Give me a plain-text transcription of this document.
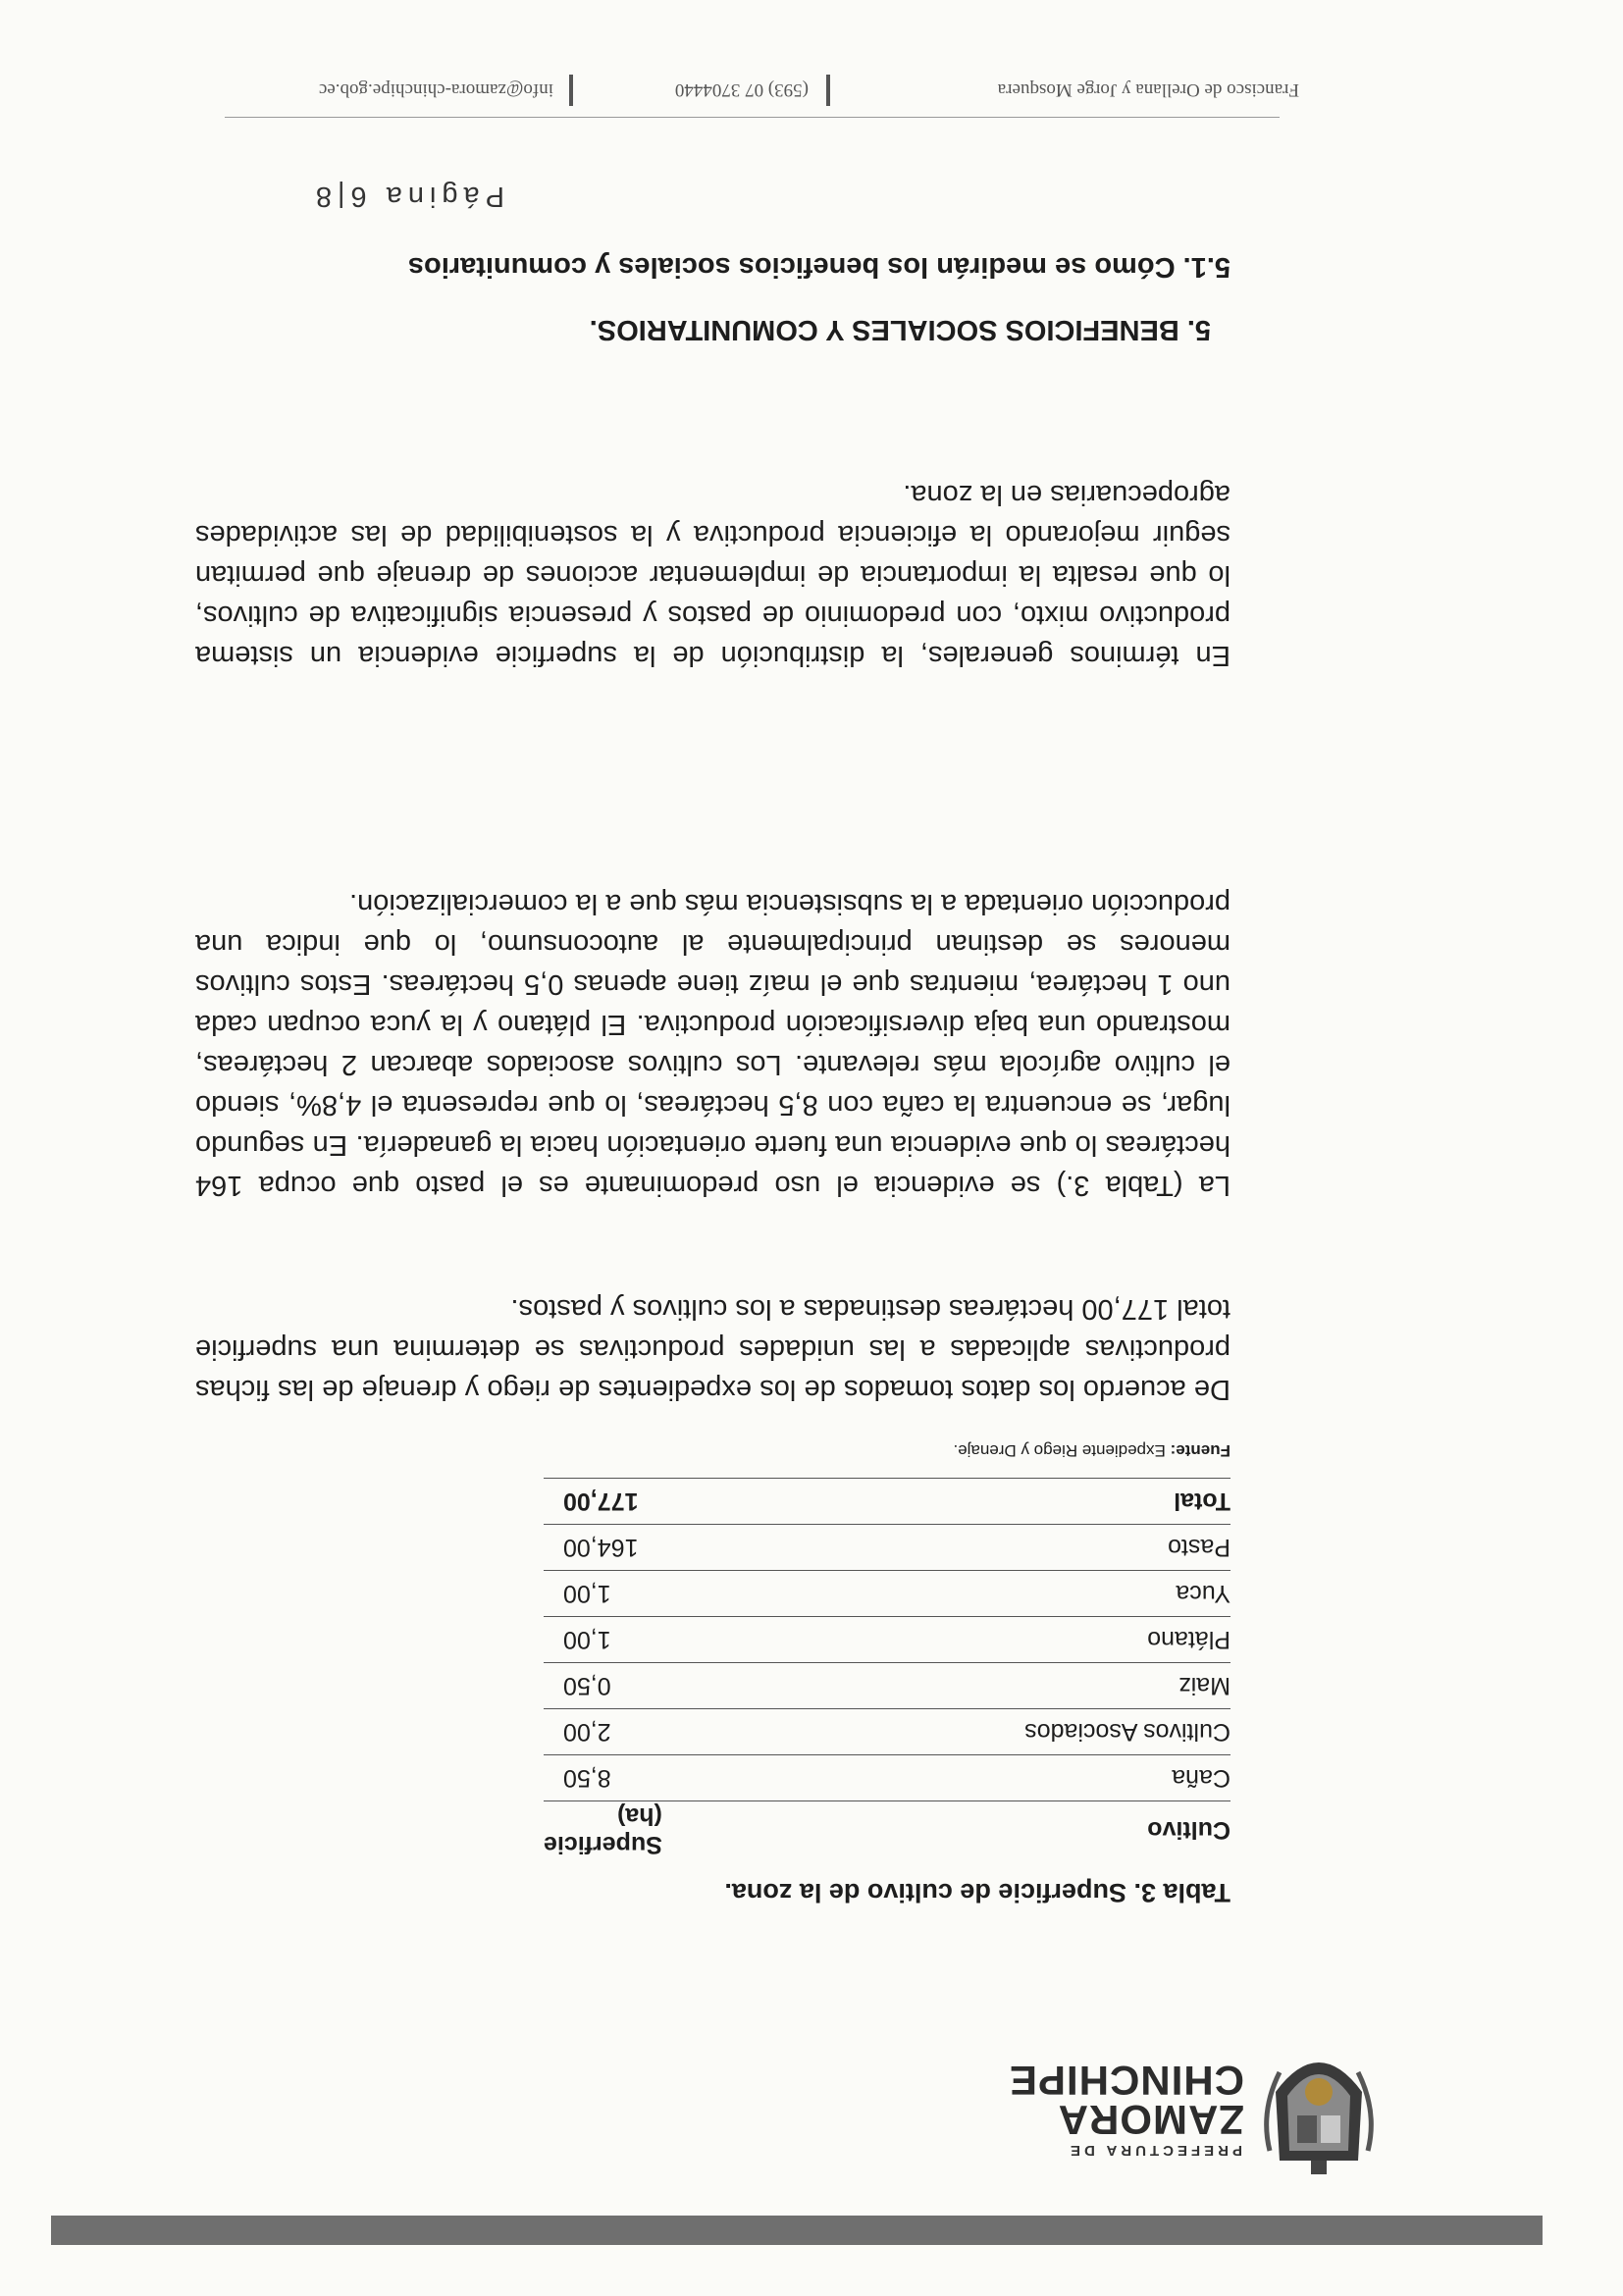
PREFECTURA DE
ZAMORA
CHINCHIPE
Tabla 3. Superficie de cultivo de la zona.
Cultivo	Superficie (ha)
Caña	8,50
Cultivos Asociados	2,00
Maiz	0,50
Plátano	1,00
Yuca	1,00
Pasto	164,00
Total	177,00
Fuente: Expediente Riego y Drenaje.
De acuerdo los datos tomados de los expedientes de riego y drenaje de las fichas productivas aplicadas a las unidades productivas se determina una superficie total 177,00 hectáreas destinadas a los cultivos y pastos.
La (Tabla 3.) se evidencia el uso predominante es el pasto que ocupa 164 hectáreas lo que evidencia una fuerte orientación hacia la ganadería. En segundo lugar, se encuentra la caña con 8,5 hectáreas, lo que representa el 4,8%, siendo el cultivo agrícola más relevante. Los cultivos asociados abarcan 2 hectáreas, mostrando una baja diversificación productiva. El plátano y la yuca ocupan cada uno 1 hectárea, mientras que el maíz tiene apenas 0,5 hectáreas. Estos cultivos menores se destinan principalmente al autoconsumo, lo que indica una producción orientada a la subsistencia más que a la comercialización.
En términos generales, la distribución de la superficie evidencia un sistema productivo mixto, con predominio de pastos y presencia significativa de cultivos, lo que resalta la importancia de implementar acciones de drenaje que permitan seguir mejorando la eficiencia productiva y la sostenibilidad de las actividades agropecuarias en la zona.
5. BENEFICIOS SOCIALES Y COMUNITARIOS.
5.1. Cómo se medirán los beneficios sociales y comunitarios
Página 6|8
Francisco de Orellana y Jorge Mosquera
(593) 07 3704440
info@zamora-chinchipe.gob.ec
